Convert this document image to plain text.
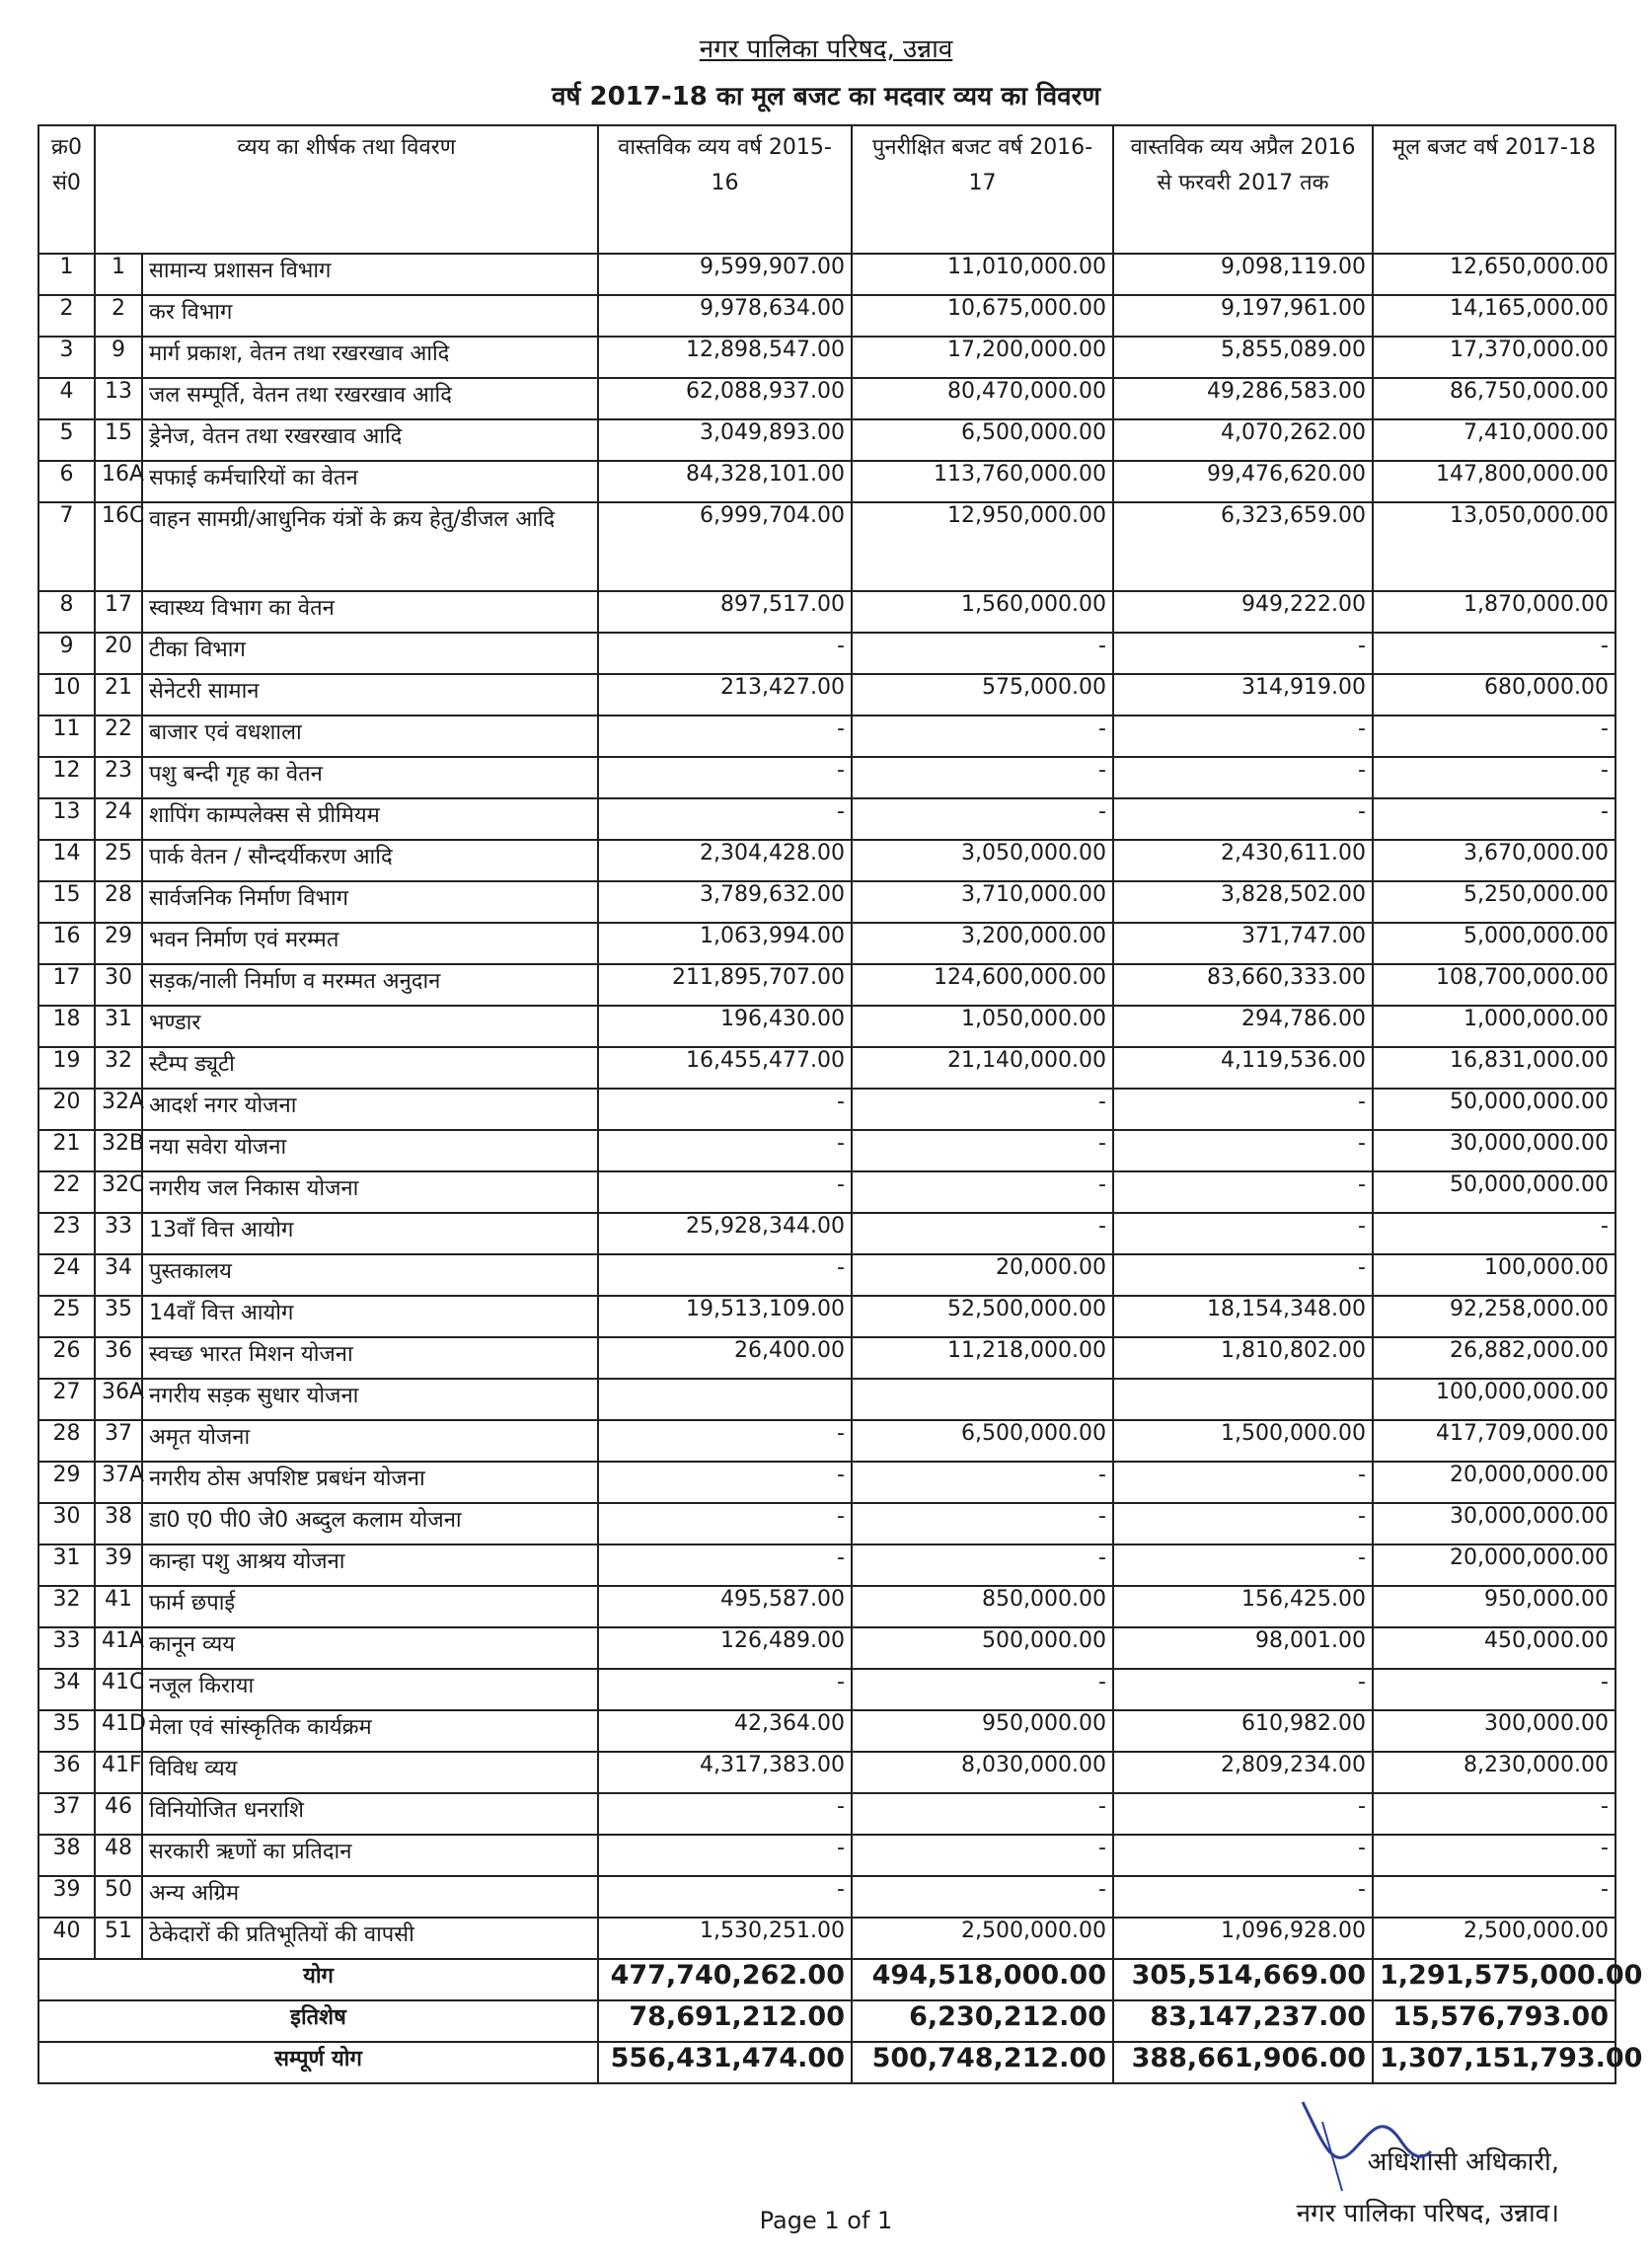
नगर पालिका परिषद, उन्नाव
वर्ष 2017-18 का मूल बजट का मदवार व्यय का विवरण
क्र0 सं0	व्यय का शीर्षक तथा विवरण		वास्तविक व्यय वर्ष 2015-16	पुनरीक्षित बजट वर्ष 2016-17	वास्तविक व्यय अप्रैल 2016 से फरवरी 2017 तक	मूल बजट वर्ष 2017-18
1	1	सामान्य प्रशासन विभाग	9,599,907.00	11,010,000.00	9,098,119.00	12,650,000.00
2	2	कर विभाग	9,978,634.00	10,675,000.00	9,197,961.00	14,165,000.00
3	9	मार्ग प्रकाश, वेतन तथा रखरखाव आदि	12,898,547.00	17,200,000.00	5,855,089.00	17,370,000.00
4	13	जल सम्पूर्ति, वेतन तथा रखरखाव आदि	62,088,937.00	80,470,000.00	49,286,583.00	86,750,000.00
5	15	ड्रेनेज, वेतन तथा रखरखाव आदि	3,049,893.00	6,500,000.00	4,070,262.00	7,410,000.00
6	16A	सफाई कर्मचारियों का वेतन	84,328,101.00	113,760,000.00	99,476,620.00	147,800,000.00
7	16C	वाहन सामग्री/आधुनिक यंत्रों के क्रय हेतु/डीजल आदि	6,999,704.00	12,950,000.00	6,323,659.00	13,050,000.00
8	17	स्वास्थ्य विभाग का वेतन	897,517.00	1,560,000.00	949,222.00	1,870,000.00
9	20	टीका विभाग	-	-	-	-
10	21	सेनेटरी सामान	213,427.00	575,000.00	314,919.00	680,000.00
11	22	बाजार एवं वधशाला	-	-	-	-
12	23	पशु बन्दी गृह का वेतन	-	-	-	-
13	24	शापिंग काम्पलेक्स से प्रीमियम	-	-	-	-
14	25	पार्क वेतन / सौन्दर्यीकरण आदि	2,304,428.00	3,050,000.00	2,430,611.00	3,670,000.00
15	28	सार्वजनिक निर्माण विभाग	3,789,632.00	3,710,000.00	3,828,502.00	5,250,000.00
16	29	भवन निर्माण एवं मरम्मत	1,063,994.00	3,200,000.00	371,747.00	5,000,000.00
17	30	सड़क/नाली निर्माण व मरम्मत अनुदान	211,895,707.00	124,600,000.00	83,660,333.00	108,700,000.00
18	31	भण्डार	196,430.00	1,050,000.00	294,786.00	1,000,000.00
19	32	स्टैम्प ड्यूटी	16,455,477.00	21,140,000.00	4,119,536.00	16,831,000.00
20	32A	आदर्श नगर योजना	-	-	-	50,000,000.00
21	32B	नया सवेरा योजना	-	-	-	30,000,000.00
22	32C	नगरीय जल निकास योजना	-	-	-	50,000,000.00
23	33	13वाँ वित्त आयोग	25,928,344.00	-	-	-
24	34	पुस्तकालय	-	20,000.00	-	100,000.00
25	35	14वाँ वित्त आयोग	19,513,109.00	52,500,000.00	18,154,348.00	92,258,000.00
26	36	स्वच्छ भारत मिशन योजना	26,400.00	11,218,000.00	1,810,802.00	26,882,000.00
27	36A	नगरीय सड़क सुधार योजना				100,000,000.00
28	37	अमृत योजना	-	6,500,000.00	1,500,000.00	417,709,000.00
29	37A	नगरीय ठोस अपशिष्ट प्रबधंन योजना	-	-	-	20,000,000.00
30	38	डा0 ए0 पी0 जे0 अब्दुल कलाम योजना	-	-	-	30,000,000.00
31	39	कान्हा पशु आश्रय योजना	-	-	-	20,000,000.00
32	41	फार्म छपाई	495,587.00	850,000.00	156,425.00	950,000.00
33	41A	कानून व्यय	126,489.00	500,000.00	98,001.00	450,000.00
34	41C	नजूल किराया	-	-	-	-
35	41D	मेला एवं सांस्कृतिक कार्यक्रम	42,364.00	950,000.00	610,982.00	300,000.00
36	41F	विविध व्यय	4,317,383.00	8,030,000.00	2,809,234.00	8,230,000.00
37	46	विनियोजित धनराशि	-	-	-	-
38	48	सरकारी ऋणों का प्रतिदान	-	-	-	-
39	50	अन्य अग्रिम	-	-	-	-
40	51	ठेकेदारों की प्रतिभूतियों की वापसी	1,530,251.00	2,500,000.00	1,096,928.00	2,500,000.00
योग			477,740,262.00	494,518,000.00	305,514,669.00	1,291,575,000.00
इतिशेष			78,691,212.00	6,230,212.00	83,147,237.00	15,576,793.00
सम्पूर्ण योग			556,431,474.00	500,748,212.00	388,661,906.00	1,307,151,793.00
अधिशासी अधिकारी,
नगर पालिका परिषद, उन्नाव।
Page 1 of 1
